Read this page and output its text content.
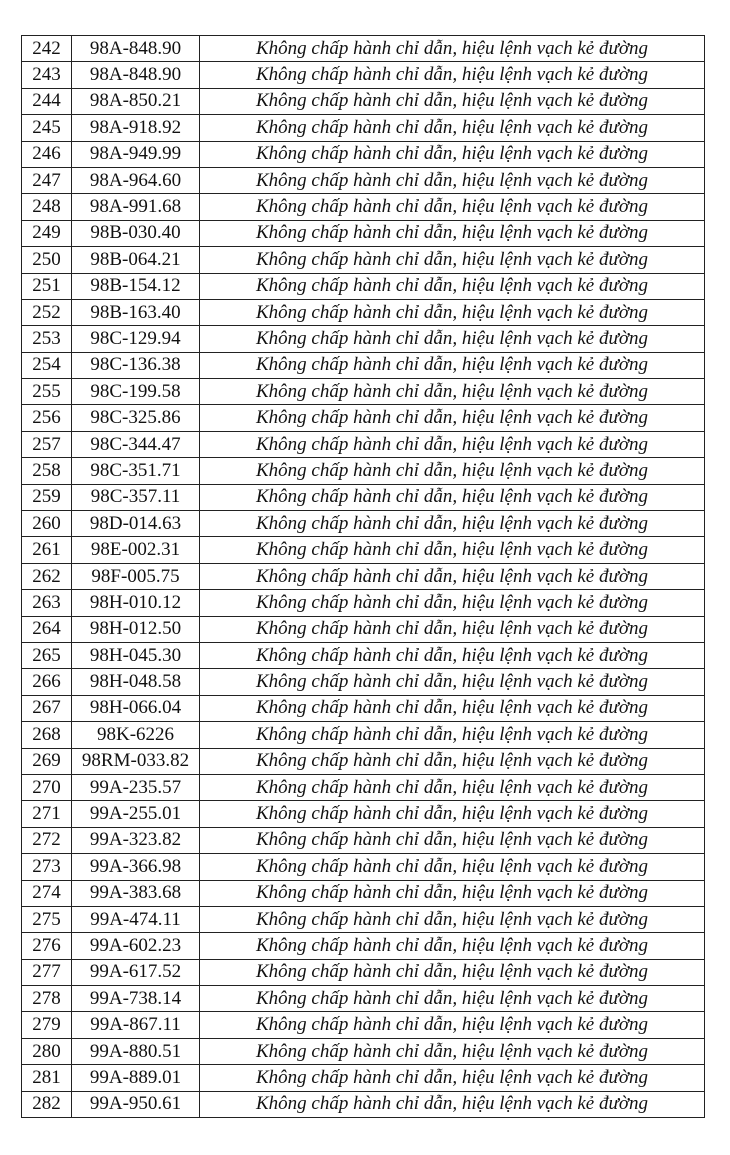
242	98A-848.90	Không chấp hành chỉ dẫn, hiệu lệnh vạch kẻ đường
243	98A-848.90	Không chấp hành chỉ dẫn, hiệu lệnh vạch kẻ đường
244	98A-850.21	Không chấp hành chỉ dẫn, hiệu lệnh vạch kẻ đường
245	98A-918.92	Không chấp hành chỉ dẫn, hiệu lệnh vạch kẻ đường
246	98A-949.99	Không chấp hành chỉ dẫn, hiệu lệnh vạch kẻ đường
247	98A-964.60	Không chấp hành chỉ dẫn, hiệu lệnh vạch kẻ đường
248	98A-991.68	Không chấp hành chỉ dẫn, hiệu lệnh vạch kẻ đường
249	98B-030.40	Không chấp hành chỉ dẫn, hiệu lệnh vạch kẻ đường
250	98B-064.21	Không chấp hành chỉ dẫn, hiệu lệnh vạch kẻ đường
251	98B-154.12	Không chấp hành chỉ dẫn, hiệu lệnh vạch kẻ đường
252	98B-163.40	Không chấp hành chỉ dẫn, hiệu lệnh vạch kẻ đường
253	98C-129.94	Không chấp hành chỉ dẫn, hiệu lệnh vạch kẻ đường
254	98C-136.38	Không chấp hành chỉ dẫn, hiệu lệnh vạch kẻ đường
255	98C-199.58	Không chấp hành chỉ dẫn, hiệu lệnh vạch kẻ đường
256	98C-325.86	Không chấp hành chỉ dẫn, hiệu lệnh vạch kẻ đường
257	98C-344.47	Không chấp hành chỉ dẫn, hiệu lệnh vạch kẻ đường
258	98C-351.71	Không chấp hành chỉ dẫn, hiệu lệnh vạch kẻ đường
259	98C-357.11	Không chấp hành chỉ dẫn, hiệu lệnh vạch kẻ đường
260	98D-014.63	Không chấp hành chỉ dẫn, hiệu lệnh vạch kẻ đường
261	98E-002.31	Không chấp hành chỉ dẫn, hiệu lệnh vạch kẻ đường
262	98F-005.75	Không chấp hành chỉ dẫn, hiệu lệnh vạch kẻ đường
263	98H-010.12	Không chấp hành chỉ dẫn, hiệu lệnh vạch kẻ đường
264	98H-012.50	Không chấp hành chỉ dẫn, hiệu lệnh vạch kẻ đường
265	98H-045.30	Không chấp hành chỉ dẫn, hiệu lệnh vạch kẻ đường
266	98H-048.58	Không chấp hành chỉ dẫn, hiệu lệnh vạch kẻ đường
267	98H-066.04	Không chấp hành chỉ dẫn, hiệu lệnh vạch kẻ đường
268	98K-6226	Không chấp hành chỉ dẫn, hiệu lệnh vạch kẻ đường
269	98RM-033.82	Không chấp hành chỉ dẫn, hiệu lệnh vạch kẻ đường
270	99A-235.57	Không chấp hành chỉ dẫn, hiệu lệnh vạch kẻ đường
271	99A-255.01	Không chấp hành chỉ dẫn, hiệu lệnh vạch kẻ đường
272	99A-323.82	Không chấp hành chỉ dẫn, hiệu lệnh vạch kẻ đường
273	99A-366.98	Không chấp hành chỉ dẫn, hiệu lệnh vạch kẻ đường
274	99A-383.68	Không chấp hành chỉ dẫn, hiệu lệnh vạch kẻ đường
275	99A-474.11	Không chấp hành chỉ dẫn, hiệu lệnh vạch kẻ đường
276	99A-602.23	Không chấp hành chỉ dẫn, hiệu lệnh vạch kẻ đường
277	99A-617.52	Không chấp hành chỉ dẫn, hiệu lệnh vạch kẻ đường
278	99A-738.14	Không chấp hành chỉ dẫn, hiệu lệnh vạch kẻ đường
279	99A-867.11	Không chấp hành chỉ dẫn, hiệu lệnh vạch kẻ đường
280	99A-880.51	Không chấp hành chỉ dẫn, hiệu lệnh vạch kẻ đường
281	99A-889.01	Không chấp hành chỉ dẫn, hiệu lệnh vạch kẻ đường
282	99A-950.61	Không chấp hành chỉ dẫn, hiệu lệnh vạch kẻ đường
